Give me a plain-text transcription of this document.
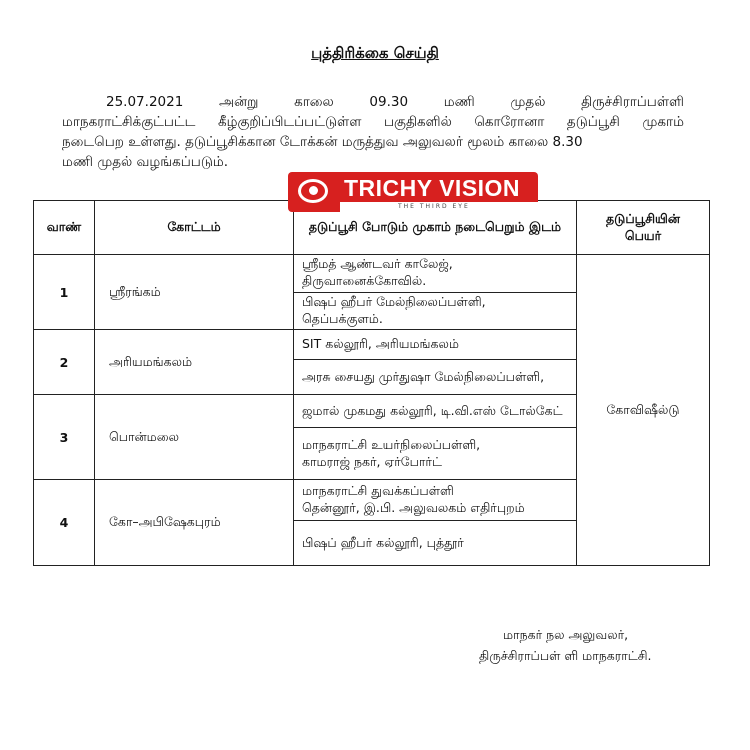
புத்திரிக்கை செய்தி
25.07.2021	அன்று	காலை	09.30	மணி	முதல்	திருச்சிராப்பள்ளி
மாநகராட்சிக்குட்பட்ட கீழ்குறிப்பிடப்பட்டுள்ள பகுதிகளில் கொரோனா தடுப்பூசி முகாம்
நடைபெற உள்ளது. தடுப்பூசிக்கான டோக்கன் மருத்துவ அலுவலர் மூலம் காலை 8.30
மணி முதல் வழங்கப்படும்.
வாண்	கோட்டம்	தடுப்பூசி போடும் முகாம் நடைபெறும் இடம்	தடுப்பூசியின்
பெயர்

1	ஸ்ரீரங்கம்	ஸ்ரீமத் ஆண்டவர் காலேஜ், திருவானைக்கோவில்.	கோவிஷீல்டு

		பிஷப் ஹீபர் மேல்நிலைப்பள்ளி, தெப்பக்குளம்.	

2	அரியமங்கலம்	SIT கல்லூரி, அரியமங்கலம்	

		அரசு சையது முர்துஷா மேல்நிலைப்பள்ளி,	

3	பொன்மலை	ஜமால் முகமது கல்லூரி, டி.வி.எஸ் டோல்கேட்	

		மாநகராட்சி உயர்நிலைப்பள்ளி,
காமராஜ் நகர், ஏர்போர்ட்	

4	கோ–அபிஷேகபுரம்	மாநகராட்சி துவக்கப்பள்ளி
தென்னூர், இ.பி. அலுவலகம் எதிர்புறம்	

		பிஷப் ஹீபர் கல்லூரி, புத்தூர்	
TRICHY VISION
THE THIRD EYE
மாநகர் நல அலுவலர்,
திருச்சிராப்பள் ளி மாநகராட்சி.
